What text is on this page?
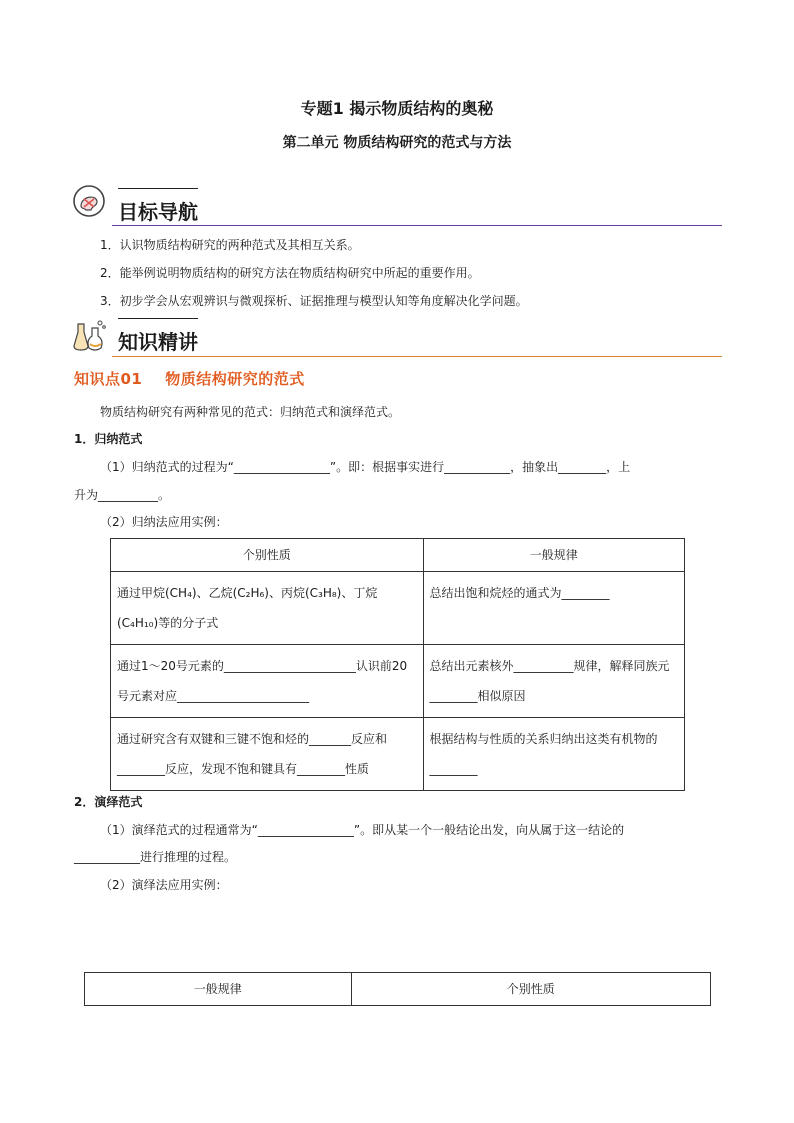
专题1 揭示物质结构的奥秘
第二单元 物质结构研究的范式与方法
目标导航
1．认识物质结构研究的两种范式及其相互关系。
2．能举例说明物质结构的研究方法在物质结构研究中所起的重要作用。
3．初步学会从宏观辨识与微观探析、证据推理与模型认知等角度解决化学问题。
知识精讲
知识点01    物质结构研究的范式
物质结构研究有两种常见的范式：归纳范式和演绎范式。
1．归纳范式
（1）归纳范式的过程为“________________”。即：根据事实进行___________，抽象出________，上
升为__________。
（2）归纳法应用实例：
个别性质	一般规律
通过甲烷(CH₄)、乙烷(C₂H₆)、丙烷(C₃H₈)、丁烷(C₄H₁₀)等的分子式	总结出饱和烷烃的通式为________
通过1～20号元素的______________________认识前20号元素对应______________________	总结出元素核外__________规律，解释同族元________相似原因
通过研究含有双键和三键不饱和烃的_______反应和________反应，发现不饱和键具有________性质	根据结构与性质的关系归纳出这类有机物的________
2．演绎范式
（1）演绎范式的过程通常为“________________”。即从某一个一般结论出发，向从属于这一结论的
___________进行推理的过程。
（2）演绎法应用实例：
一般规律	个别性质
